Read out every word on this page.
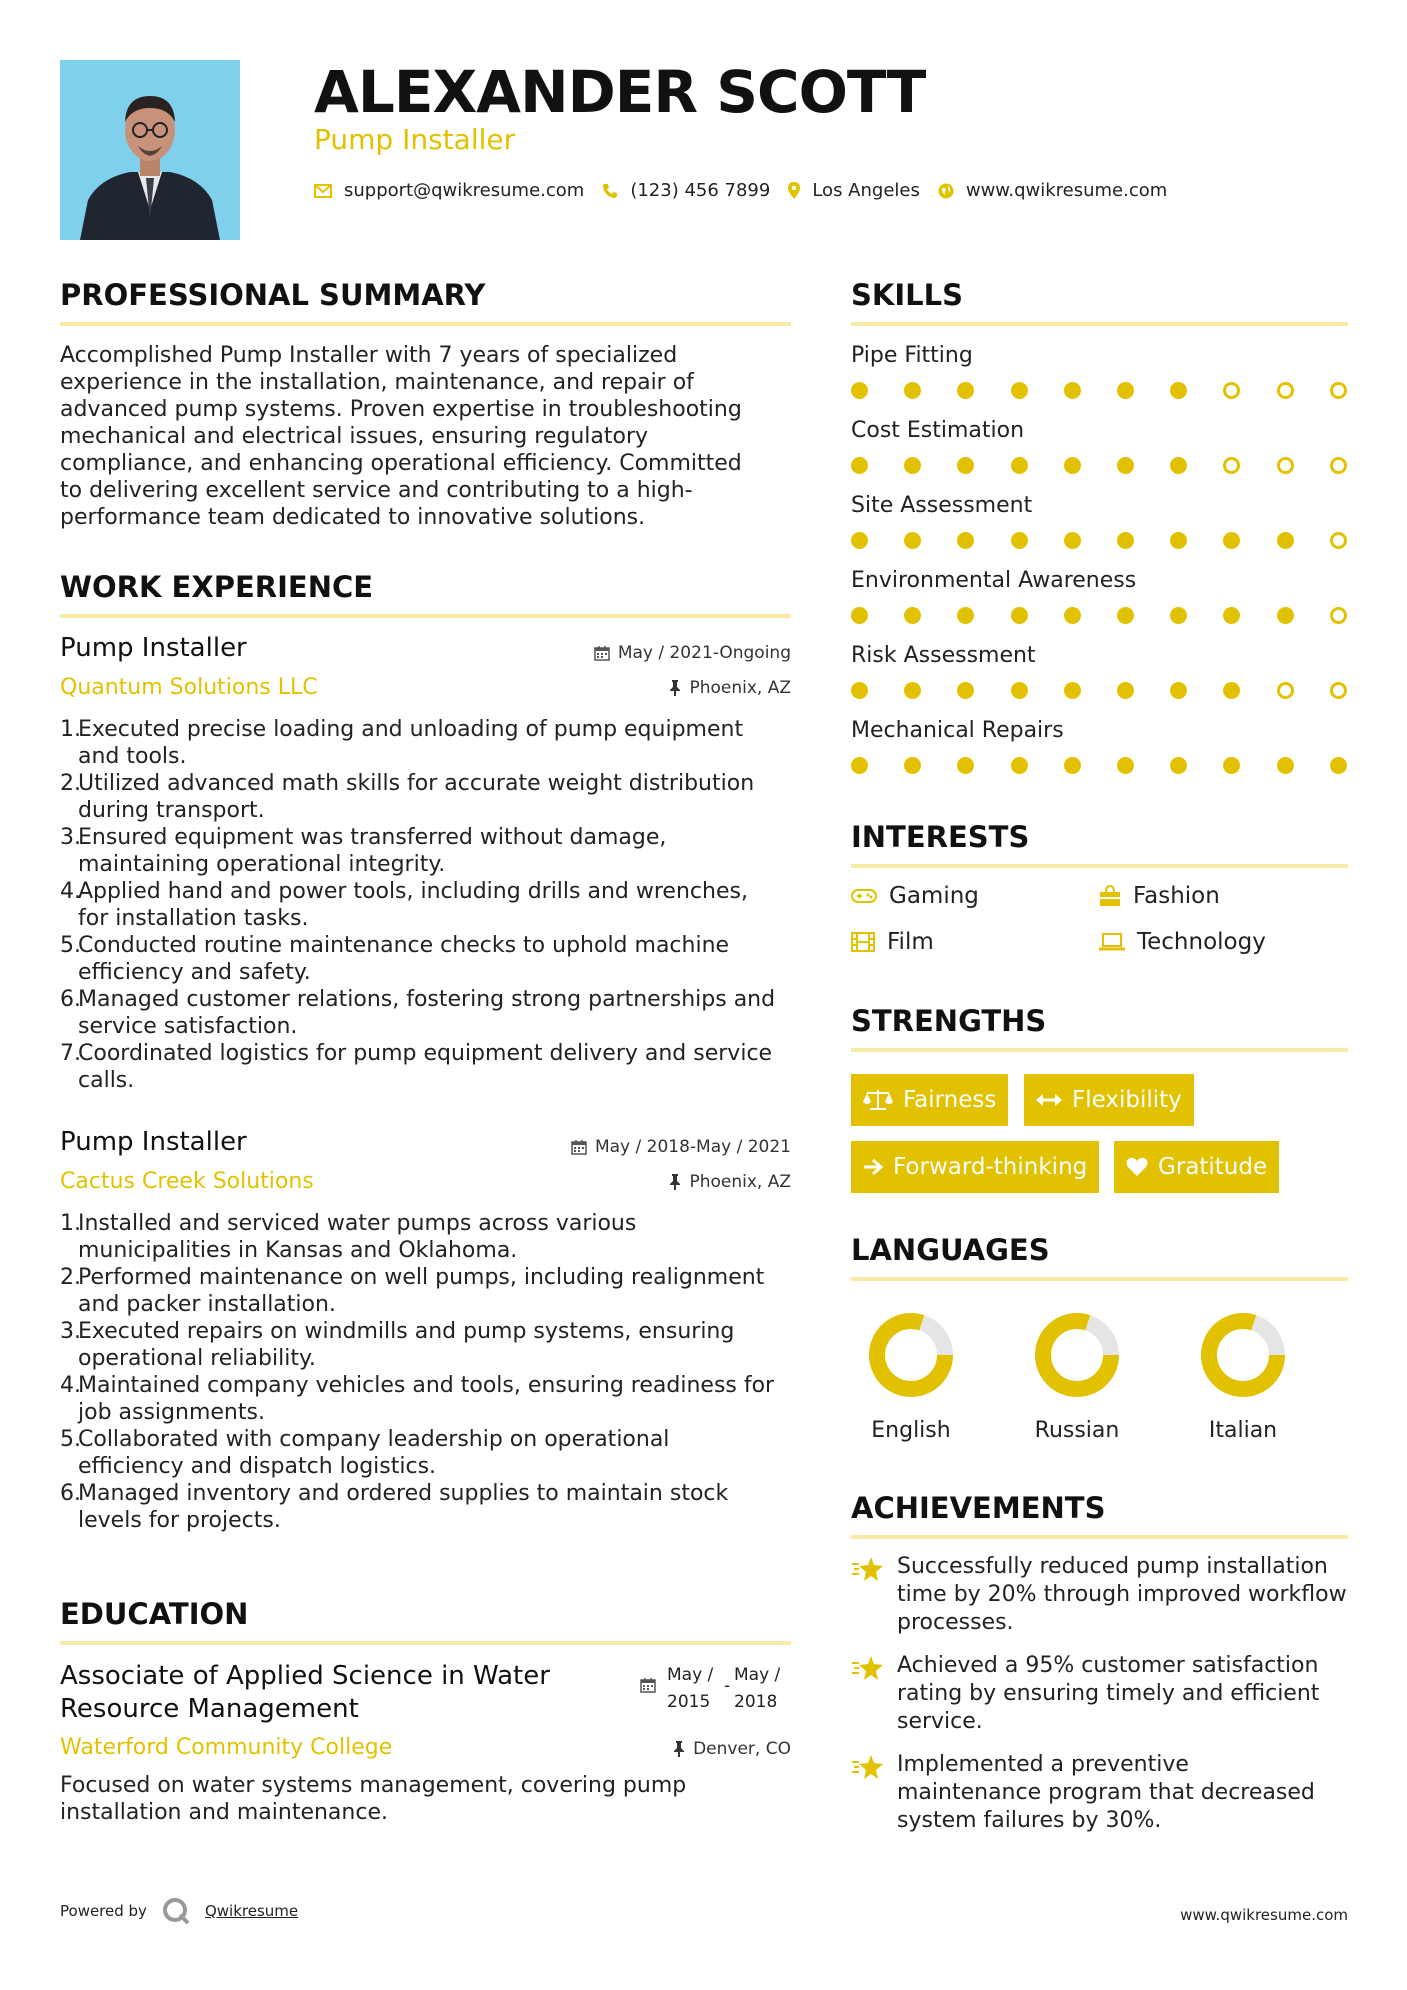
ALEXANDER SCOTT
Pump Installer
support@qwikresume.com	(123) 456 7899 Los Angeles	www.qwikresume.com
PROFESSIONAL SUMMARY
Accomplished Pump Installer with 7 years of specialized
experience in the installation, maintenance, and repair of
advanced pump systems. Proven expertise in troubleshooting
mechanical and electrical issues, ensuring regulatory
compliance, and enhancing operational efficiency. Committed
to delivering excellent service and contributing to a high-
performance team dedicated to innovative solutions.
WORK EXPERIENCE
Pump Installer	May / 2021-Ongoing
Quantum Solutions LLC	Phoenix, AZ
1.
Executed precise loading and unloading of pump equipment
and tools.
2.
Utilized advanced math skills for accurate weight distribution
during transport.
3.
Ensured equipment was transferred without damage,
maintaining operational integrity.
4.
Applied hand and power tools, including drills and wrenches,
for installation tasks.
5.
Conducted routine maintenance checks to uphold machine
efficiency and safety.
6.
Managed customer relations, fostering strong partnerships and
service satisfaction.
7.
Coordinated logistics for pump equipment delivery and service
calls.
Pump Installer	May / 2018-May / 2021
Cactus Creek Solutions	Phoenix, AZ
1.
Installed and serviced water pumps across various
municipalities in Kansas and Oklahoma.
2.
Performed maintenance on well pumps, including realignment
and packer installation.
3.
Executed repairs on windmills and pump systems, ensuring
operational reliability.
4.
Maintained company vehicles and tools, ensuring readiness for
job assignments.
5.
Collaborated with company leadership on operational
efficiency and dispatch logistics.
6.
Managed inventory and ordered supplies to maintain stock
levels for projects.
EDUCATION
Associate of Applied Science in Water
Resource Management
May /
2015
-
May /
2018
Waterford Community College	Denver, CO
Focused on water systems management, covering pump
installation and maintenance.
SKILLS
Pipe Fitting
Cost Estimation
Site Assessment
Environmental Awareness
Risk Assessment
Mechanical Repairs
INTERESTS
Gaming	Fashion
Film	Technology
STRENGTHS
Fairness	Flexibility
Forward-thinking	Gratitude
LANGUAGES
English	Russian	Italian
ACHIEVEMENTS
Successfully reduced pump installation
time by 20% through improved workflow
processes.
Achieved a 95% customer satisfaction
rating by ensuring timely and efficient
service.
Implemented a preventive
maintenance program that decreased
system failures by 30%.
Powered by	Qwikresume	www.qwikresume.com
